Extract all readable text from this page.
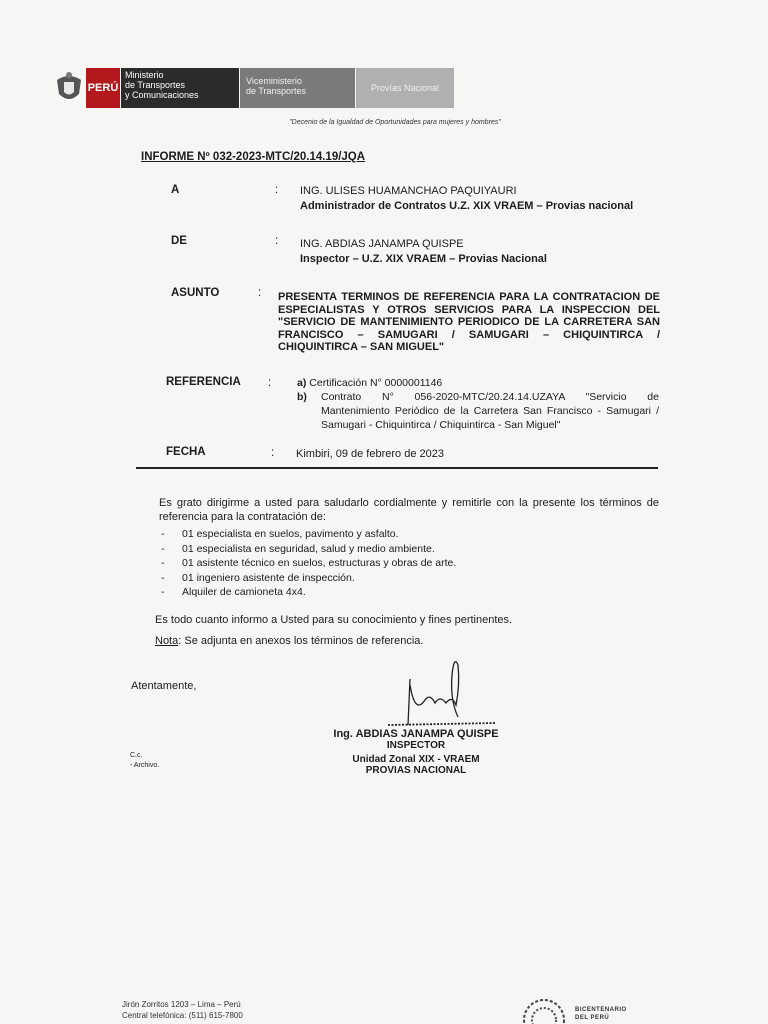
PERÚ
Ministerio
de Transportes
y Comunicaciones
Viceministerio
de Transportes	Provías Nacional
"Decenio de la Igualdad de Oportunidades para mujeres y hombres"
INFORME Nº 032-2023-MTC/20.14.19/JQA
A	: ING. ULISES HUAMANCHAO PAQUIYAURI
Administrador de Contratos U.Z. XIX VRAEM – Provias nacional
DE	: ING. ABDIAS JANAMPA QUISPE
Inspector – U.Z. XIX VRAEM – Provias Nacional
ASUNTO	: PRESENTA TERMINOS DE REFERENCIA PARA LA CONTRATACION DE ESPECIALISTAS Y OTROS SERVICIOS PARA LA INSPECCION DEL "SERVICIO DE MANTENIMIENTO PERIODICO DE LA CARRETERA SAN FRANCISCO – SAMUGARI / SAMUGARI – CHIQUINTIRCA / CHIQUINTIRCA – SAN MIGUEL"
REFERENCIA : a) Certificación N° 0000001146
b)	Contrato N° 056-2020-MTC/20.24.14.UZAYA "Servicio de Mantenimiento Periódico de la Carretera San Francisco - Samugari / Samugari - Chiquintirca / Chiquintirca - San Miguel"
FECHA	: Kimbiri, 09 de febrero de 2023
Es grato dirigirme a usted para saludarlo cordialmente y remitirle con la presente los términos de referencia para la contratación de:
- 01 especialista en suelos, pavimento y asfalto.
- 01 especialista en seguridad, salud y medio ambiente.
- 01 asistente técnico en suelos, estructuras y obras de arte.
- 01 ingeniero asistente de inspección.
- Alquiler de camioneta 4x4.
Es todo cuanto informo a Usted para su conocimiento y fines pertinentes.
Nota: Se adjunta en anexos los términos de referencia.
Atentamente,
Ing. ABDIAS JANAMPA QUISPE
INSPECTOR
Unidad Zonal XIX - VRAEM
PROVIAS NACIONAL
C.c.
- Archivo.
Jirón Zorritos 1203 – Lima – Perú
Central telefónica: (511) 615-7800
BICENTENARIO
DEL PERÚ
